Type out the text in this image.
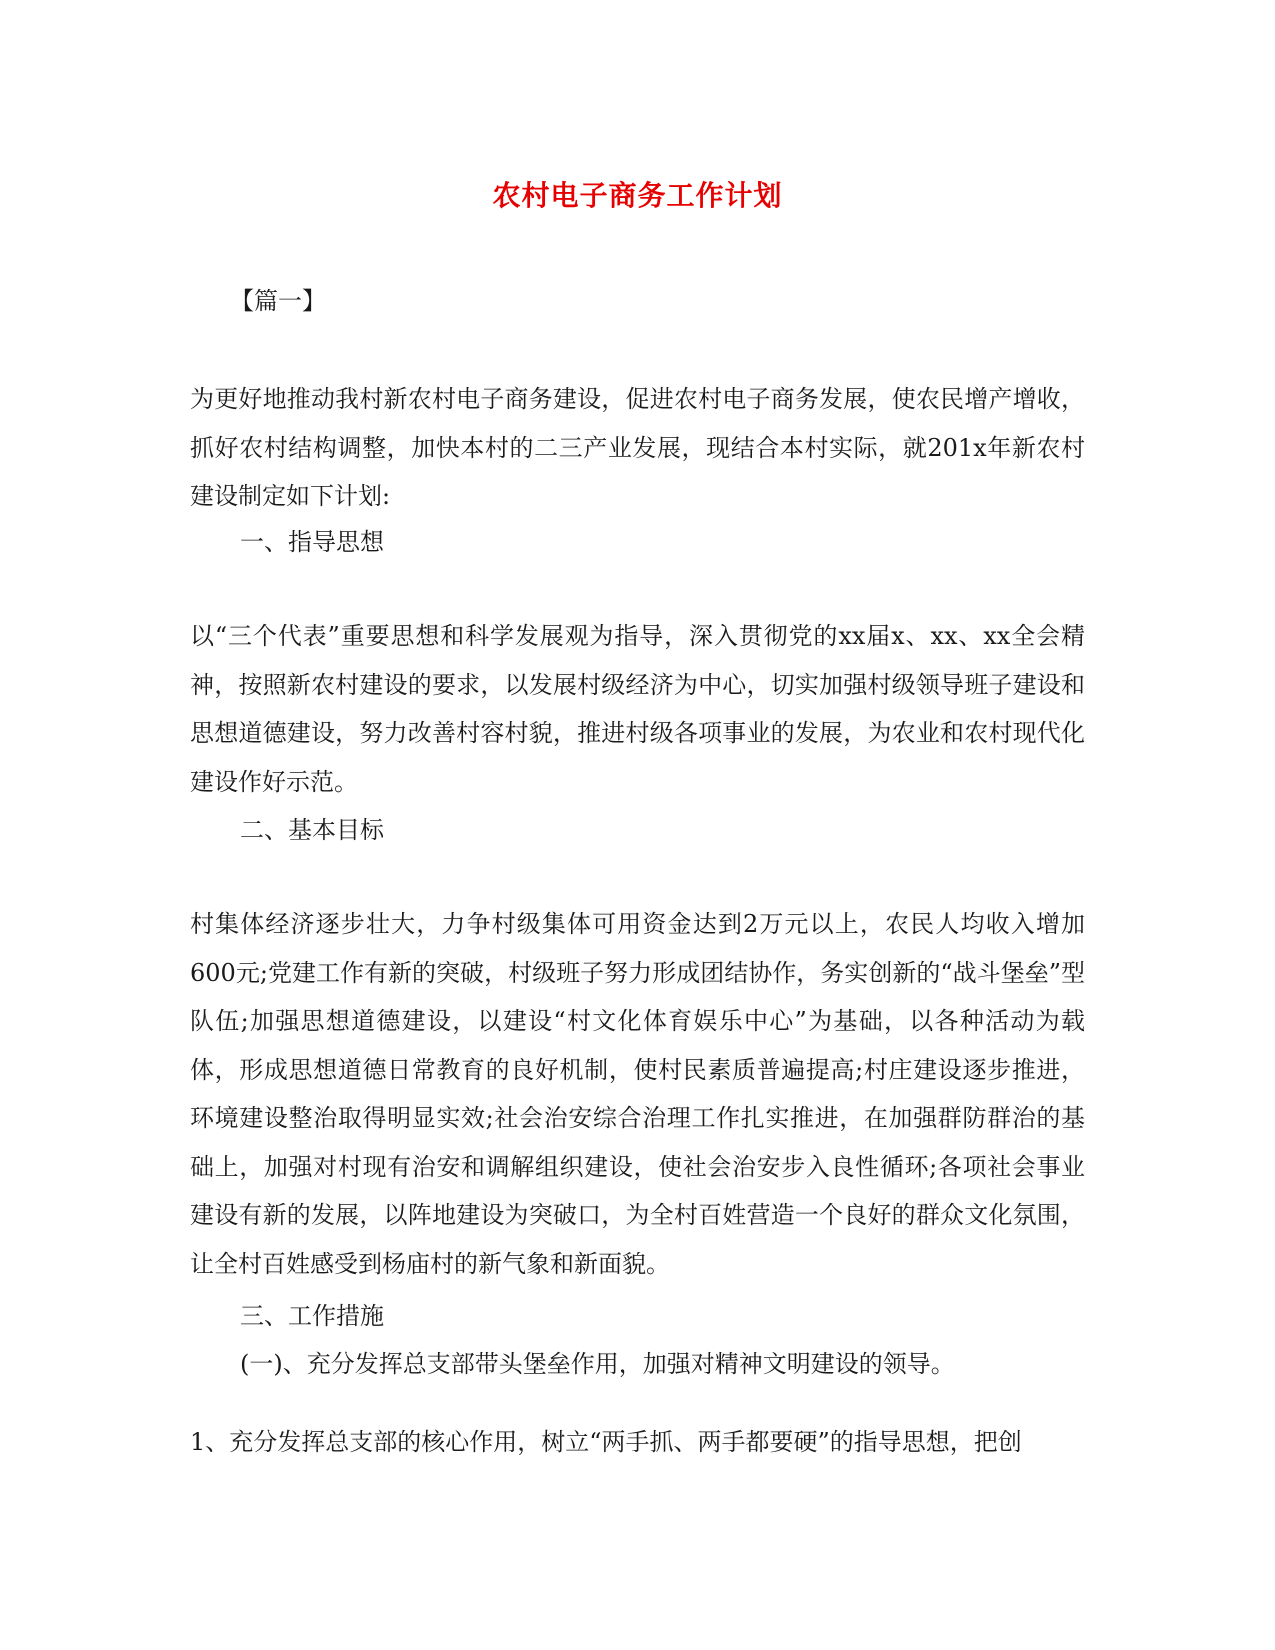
农村电子商务工作计划
【篇一】

为更好地推动我村新农村电子商务建设，促进农村电子商务发展，使农民增产增收，抓好农村结构调整，加快本村的二三产业发展，现结合本村实际，就201x年新农村建设制定如下计划:

一、指导思想

以“三个代表”重要思想和科学发展观为指导，深入贯彻党的xx届x、xx、xx全会精神，按照新农村建设的要求，以发展村级经济为中心，切实加强村级领导班子建设和思想道德建设，努力改善村容村貌，推进村级各项事业的发展，为农业和农村现代化建设作好示范。

二、基本目标

村集体经济逐步壮大，力争村级集体可用资金达到2万元以上，农民人均收入增加600元;党建工作有新的突破，村级班子努力形成团结协作，务实创新的“战斗堡垒”型队伍;加强思想道德建设，以建设“村文化体育娱乐中心”为基础，以各种活动为载体，形成思想道德日常教育的良好机制，使村民素质普遍提高;村庄建设逐步推进，环境建设整治取得明显实效;社会治安综合治理工作扎实推进，在加强群防群治的基础上，加强对村现有治安和调解组织建设，使社会治安步入良性循环;各项社会事业建设有新的发展，以阵地建设为突破口，为全村百姓营造一个良好的群众文化氛围，让全村百姓感受到杨庙村的新气象和新面貌。

三、工作措施
(一)、充分发挥总支部带头堡垒作用，加强对精神文明建设的领导。

1、充分发挥总支部的核心作用，树立“两手抓、两手都要硬”的指导思想，把创
